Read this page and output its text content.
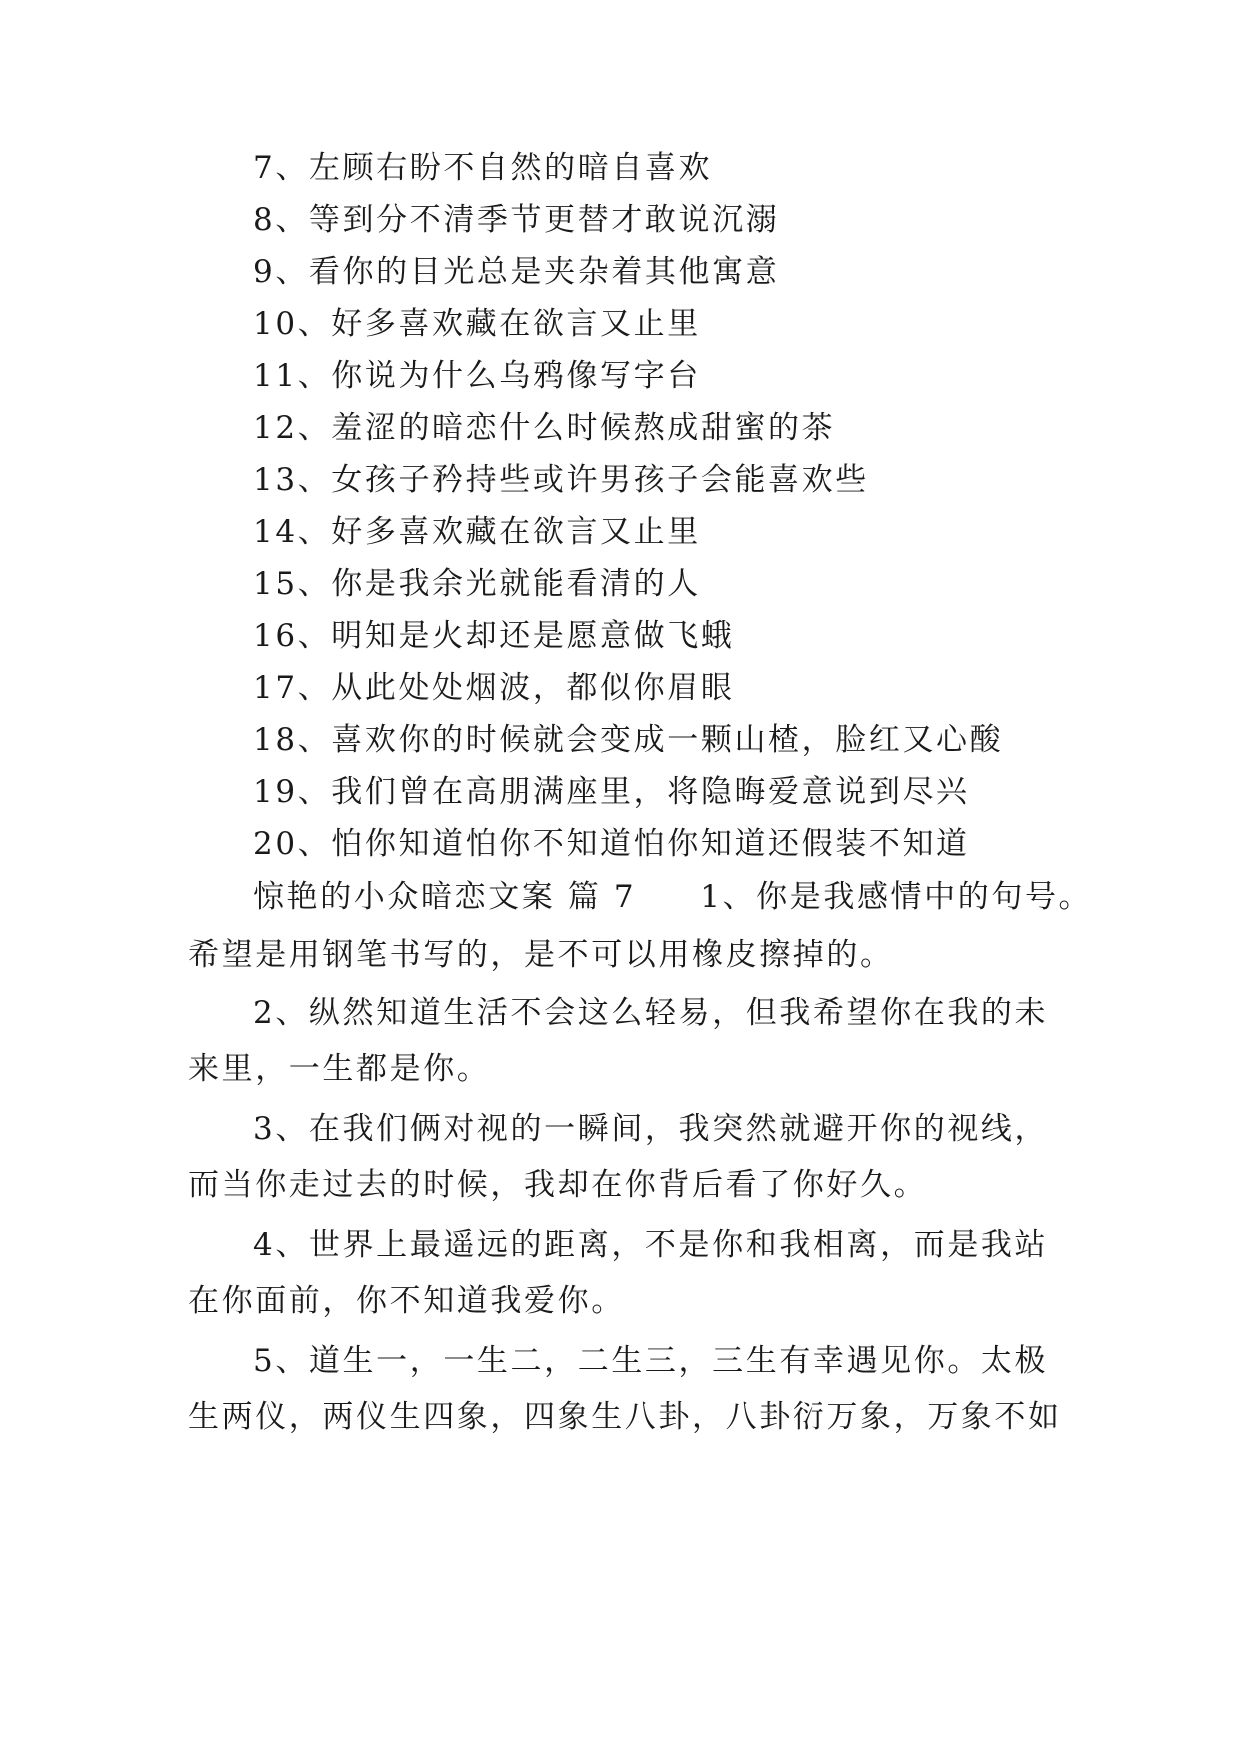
7、左顾右盼不自然的暗自喜欢
8、等到分不清季节更替才敢说沉溺
9、看你的目光总是夹杂着其他寓意
10、好多喜欢藏在欲言又止里
11、你说为什么乌鸦像写字台
12、羞涩的暗恋什么时候熬成甜蜜的茶
13、女孩子矜持些或许男孩子会能喜欢些
14、好多喜欢藏在欲言又止里
15、你是我余光就能看清的人
16、明知是火却还是愿意做飞蛾
17、从此处处烟波，都似你眉眼
18、喜欢你的时候就会变成一颗山楂，脸红又心酸
19、我们曾在高朋满座里，将隐晦爱意说到尽兴
20、怕你知道怕你不知道怕你知道还假装不知道
惊艳的小众暗恋文案 篇 7 1、你是我感情中的句号。
希望是用钢笔书写的，是不可以用橡皮擦掉的。
2、纵然知道生活不会这么轻易，但我希望你在我的未
来里，一生都是你。
3、在我们俩对视的一瞬间，我突然就避开你的视线，
而当你走过去的时候，我却在你背后看了你好久。
4、世界上最遥远的距离，不是你和我相离，而是我站
在你面前，你不知道我爱你。
5、道生一，一生二，二生三，三生有幸遇见你。太极
生两仪，两仪生四象，四象生八卦，八卦衍万象，万象不如
